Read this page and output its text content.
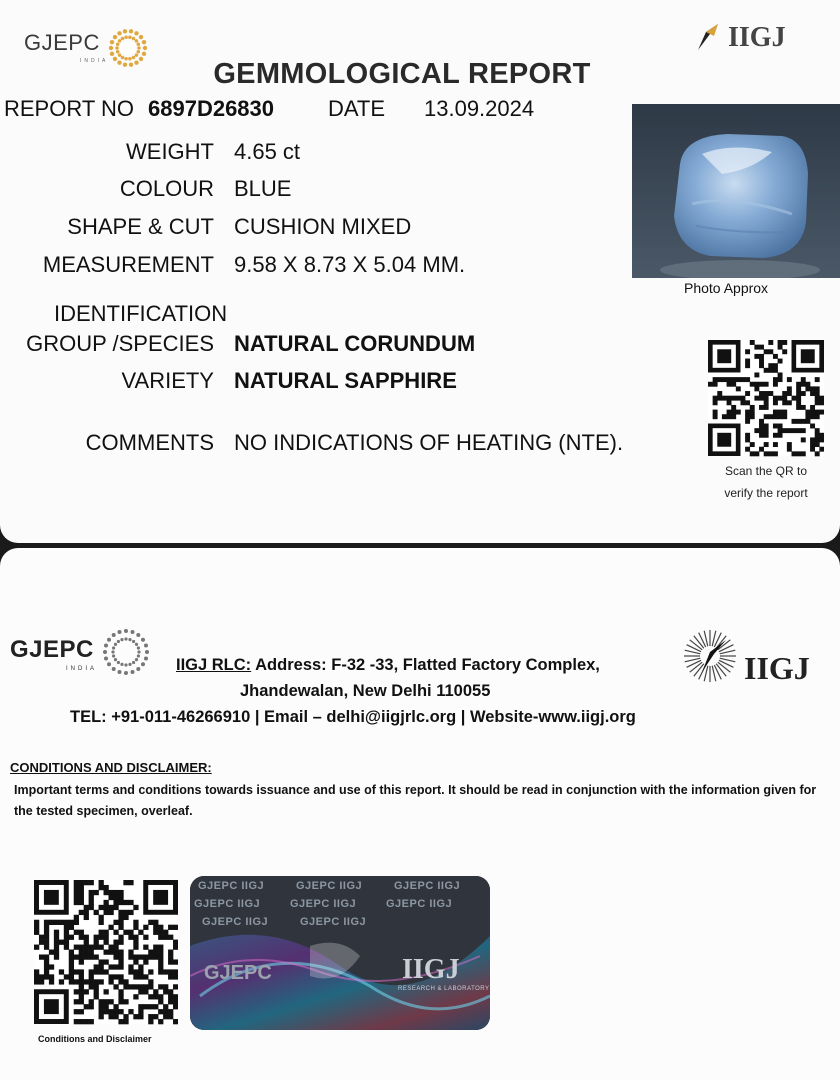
GJEPC
INDIA
IIGJ
GEMMOLOGICAL REPORT
REPORT NO 6897D26830 DATE 13.09.2024
WEIGHT 4.65 ct
COLOUR BLUE
SHAPE & CUT CUSHION MIXED
MEASUREMENT 9.58 X 8.73 X 5.04 MM.
IDENTIFICATION
GROUP /SPECIES NATURAL CORUNDUM
VARIETY NATURAL SAPPHIRE
COMMENTS NO INDICATIONS OF HEATING (NTE).
Photo Approx
Scan the QR to
verify the report
GJEPC
INDIA	IIGJ
IIGJ RLC: Address: F-32 -33, Flatted Factory Complex,
Jhandewalan, New Delhi 110055
TEL: +91-011-46266910 | Email – delhi@iigjrlc.org | Website-www.iigj.org
CONDITIONS AND DISCLAIMER:
Important terms and conditions towards issuance and use of this report. It should be read in conjunction with the information given for the tested specimen, overleaf.
Conditions and Disclaimer
GJEPC IIGJ	GJEPC IIGJ	GJEPC IIGJ
GJEPC IIGJ	GJEPC IIGJ	GJEPC IIGJ
GJEPC IIGJ	GJEPC IIGJ
GJEPC	IIGJ
RESEARCH & LABORATORY
